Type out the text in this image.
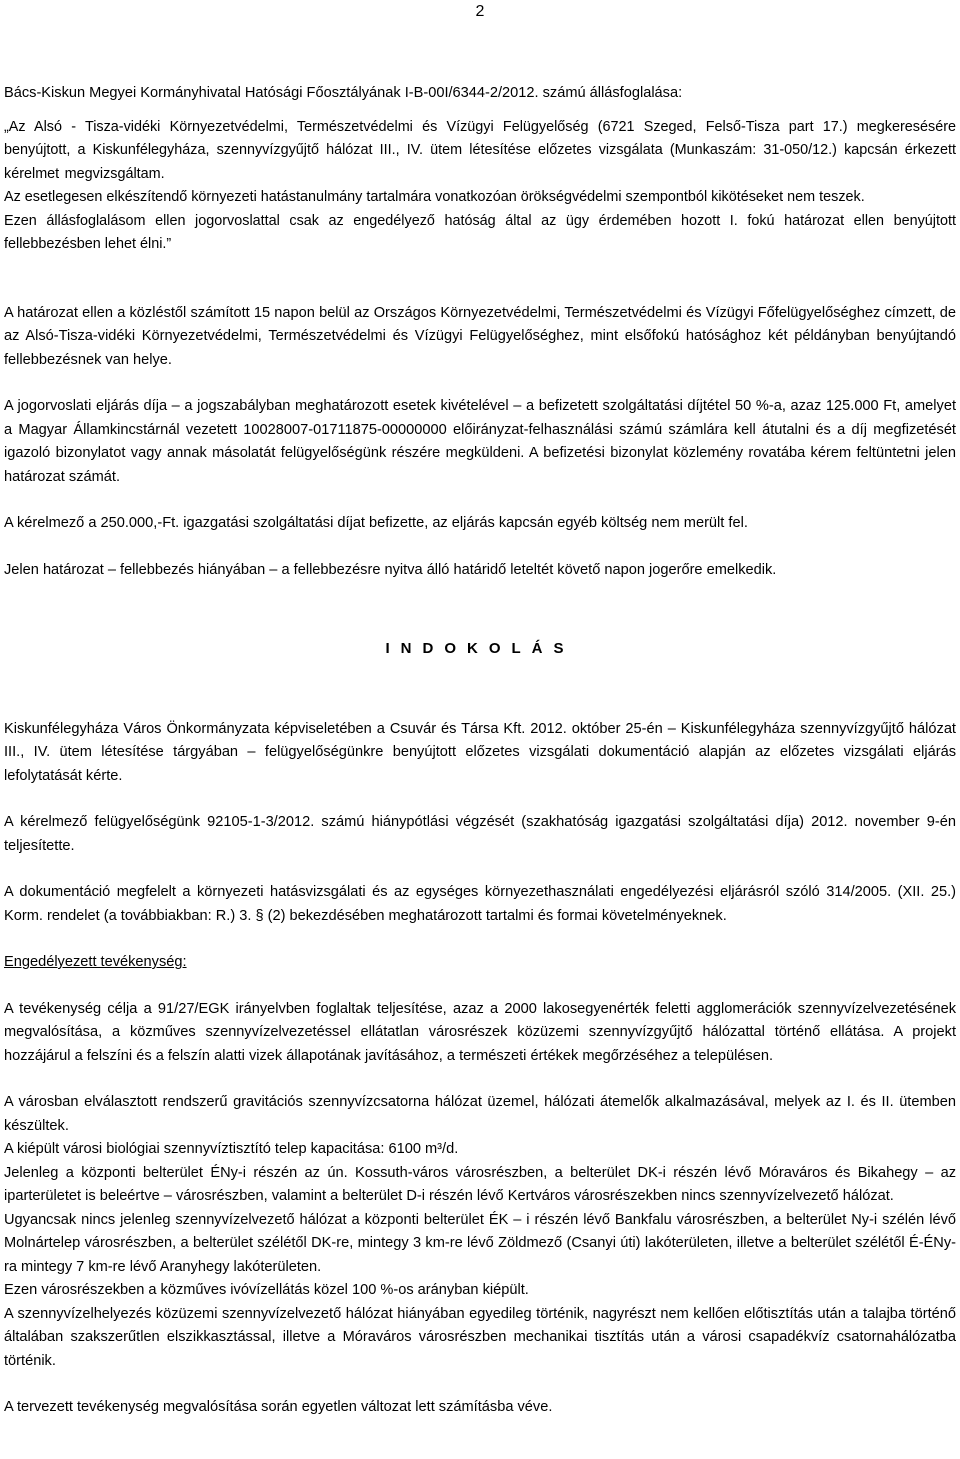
2

Bács-Kiskun Megyei Kormányhivatal Hatósági Főosztályának I-B-00I/6344-2/2012. számú állásfoglalása:

„Az Alsó - Tisza-vidéki Környezetvédelmi, Természetvédelmi és Vízügyi Felügyelőség (6721 Szeged, Felső-Tisza part 17.) megkeresésére benyújtott, a Kiskunfélegyháza, szennyvízgyűjtő hálózat III., IV. ütem létesítése előzetes vizsgálata (Munkaszám: 31-050/12.) kapcsán érkezett kérelmet megvizsgáltam.

Az esetlegesen elkészítendő környezeti hatástanulmány tartalmára vonatkozóan örökségvédelmi szempontból kikötéseket nem teszek.

Ezen állásfoglalásom ellen jogorvoslattal csak az engedélyező hatóság által az ügy érdemében hozott I. fokú határozat ellen benyújtott fellebbezésben lehet élni.”

A határozat ellen a közléstől számított 15 napon belül az Országos Környezetvédelmi, Természetvédelmi és Vízügyi Főfelügyelőséghez címzett, de az Alsó-Tisza-vidéki Környezetvédelmi, Természetvédelmi és Vízügyi Felügyelőséghez, mint elsőfokú hatósághoz két példányban benyújtandó fellebbezésnek van helye.

A jogorvoslati eljárás díja – a jogszabályban meghatározott esetek kivételével – a befizetett szolgáltatási díjtétel 50 %-a, azaz 125.000 Ft, amelyet a Magyar Államkincstárnál vezetett 10028007-01711875-00000000 előirányzat-felhasználási számú számlára kell átutalni és a díj megfizetését igazoló bizonylatot vagy annak másolatát felügyelőségünk részére megküldeni. A befizetési bizonylat közlemény rovatába kérem feltüntetni jelen határozat számát.

A kérelmező a 250.000,-Ft. igazgatási szolgáltatási díjat befizette, az eljárás kapcsán egyéb költség nem merült fel.

Jelen határozat – fellebbezés hiányában – a fellebbezésre nyitva álló határidő leteltét követő napon jogerőre emelkedik.

INDOKOLÁS

Kiskunfélegyháza Város Önkormányzata képviseletében a Csuvár és Társa Kft. 2012. október 25-én – Kiskunfélegyháza szennyvízgyűjtő hálózat III., IV. ütem létesítése tárgyában – felügyelőségünkre benyújtott előzetes vizsgálati dokumentáció alapján az előzetes vizsgálati eljárás lefolytatását kérte.

A kérelmező felügyelőségünk 92105-1-3/2012. számú hiánypótlási végzését (szakhatóság igazgatási szolgáltatási díja) 2012. november 9-én teljesítette.

A dokumentáció megfelelt a környezeti hatásvizsgálati és az egységes környezethasználati engedélyezési eljárásról szóló 314/2005. (XII. 25.) Korm. rendelet (a továbbiakban: R.) 3. § (2) bekezdésében meghatározott tartalmi és formai követelményeknek.

Engedélyezett tevékenység:

A tevékenység célja a 91/27/EGK irányelvben foglaltak teljesítése, azaz a 2000 lakosegyenérték feletti agglomerációk szennyvízelvezetésének megvalósítása, a közműves szennyvízelvezetéssel ellátatlan városrészek közüzemi szennyvízgyűjtő hálózattal történő ellátása. A projekt hozzájárul a felszíni és a felszín alatti vizek állapotának javításához, a természeti értékek megőrzéséhez a településen.

A városban elválasztott rendszerű gravitációs szennyvízcsatorna hálózat üzemel, hálózati átemelők alkalmazásával, melyek az I. és II. ütemben készültek.

A kiépült városi biológiai szennyvíztisztító telep kapacitása: 6100 m³/d.

Jelenleg a központi belterület ÉNy-i részén az ún. Kossuth-város városrészben, a belterület DK-i részén lévő Móraváros és Bikahegy – az iparterületet is beleértve – városrészben, valamint a belterület D-i részén lévő Kertváros városrészekben nincs szennyvízelvezető hálózat.

Ugyancsak nincs jelenleg szennyvízelvezető hálózat a központi belterület ÉK – i részén lévő Bankfalu városrészben, a belterület Ny-i szélén lévő Molnártelep városrészben, a belterület szélétől DK-re, mintegy 3 km-re lévő Zöldmező (Csanyi úti) lakóterületen, illetve a belterület szélétől É-ÉNy-ra mintegy 7 km-re lévő Aranyhegy lakóterületen.

Ezen városrészekben a közműves ivóvízellátás közel 100 %-os arányban kiépült.

A szennyvízelhelyezés közüzemi szennyvízelvezető hálózat hiányában egyedileg történik, nagyrészt nem kellően előtisztítás után a talajba történő általában szakszerűtlen elszikkasztással, illetve a Móraváros városrészben mechanikai tisztítás után a városi csapadékvíz csatornahálózatba történik.

A tervezett tevékenység megvalósítása során egyetlen változat lett számításba véve.
